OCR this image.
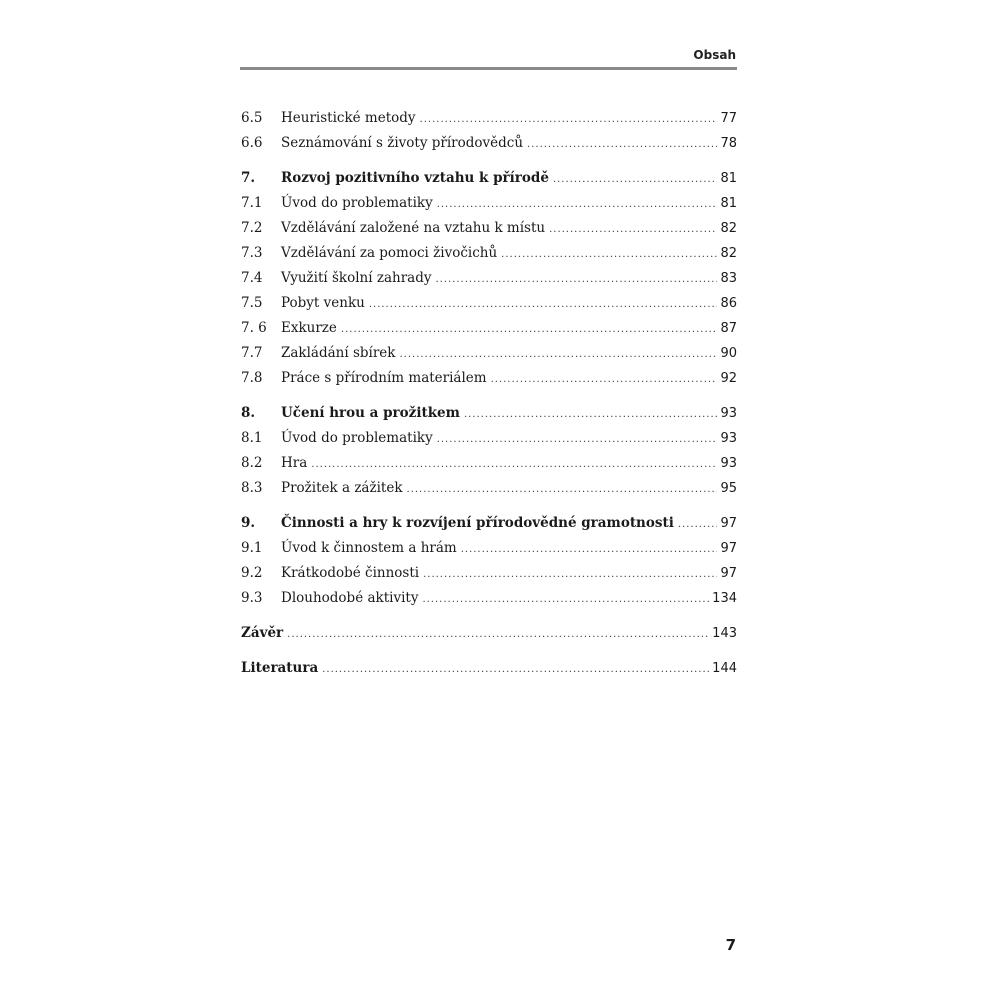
Obsah
6.5	Heuristické metody .....	77
6.6	Seznámování s životy přírodovědců .....	78
7.	Rozvoj pozitivního vztahu k přírodě .....	81
7.1	Úvod do problematiky .....	81
7.2	Vzdělávání založené na vztahu k místu .....	82
7.3	Vzdělávání za pomoci živočichů .....	82
7.4	Využití školní zahrady .....	83
7.5	Pobyt venku .....	86
7. 6	Exkurze .....	87
7.7	Zakládání sbírek .....	90
7.8	Práce s přírodním materiálem .....	92
8.	Učení hrou a prožitkem .....	93
8.1	Úvod do problematiky .....	93
8.2	Hra .....	93
8.3	Prožitek a zážitek .....	95
9.	Činnosti a hry k rozvíjení přírodovědné gramotnosti .....	97
9.1	Úvod k činnostem a hrám .....	97
9.2	Krátkodobé činnosti .....	97
9.3	Dlouhodobé aktivity .....	134
Závěr .....	143
Literatura .....	144
7
